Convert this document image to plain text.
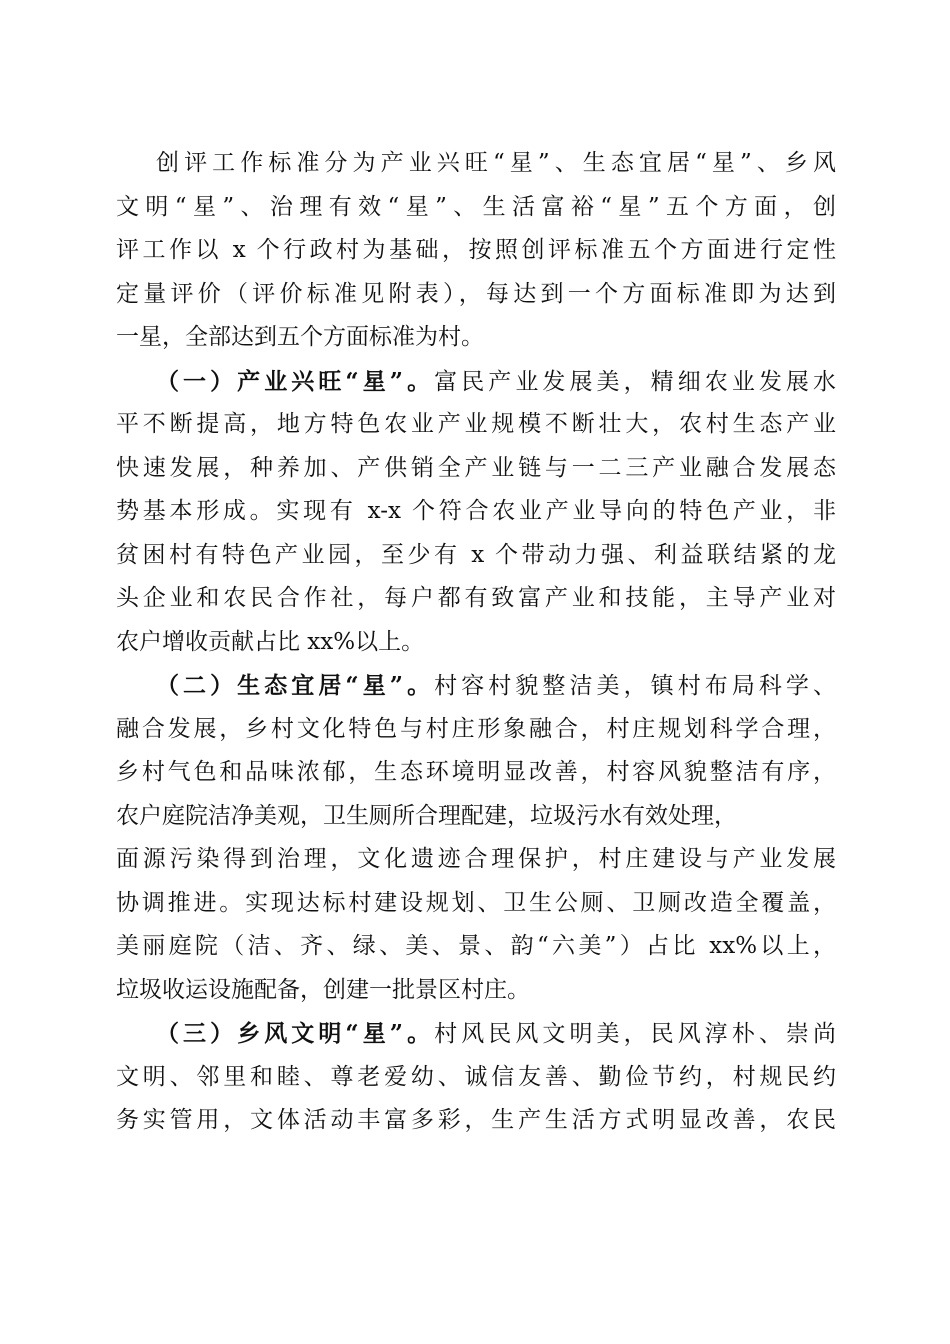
创评工作标准分为产业兴旺“星”、生态宜居“星”、乡风
文明“星”、治理有效“星”、生活富裕“星”五个方面，创
评工作以 x 个行政村为基础，按照创评标准五个方面进行定性
定量评价（评价标准见附表），每达到一个方面标准即为达到
一星，全部达到五个方面标准为村。
（一）产业兴旺“星”。富民产业发展美，精细农业发展水
平不断提高，地方特色农业产业规模不断壮大，农村生态产业
快速发展，种养加、产供销全产业链与一二三产业融合发展态
势基本形成。实现有 x-x 个符合农业产业导向的特色产业，非
贫困村有特色产业园，至少有 x 个带动力强、利益联结紧的龙
头企业和农民合作社，每户都有致富产业和技能，主导产业对
农户增收贡献占比 xx%以上。
（二）生态宜居“星”。村容村貌整洁美，镇村布局科学、
融合发展，乡村文化特色与村庄形象融合，村庄规划科学合理，
乡村气色和品味浓郁，生态环境明显改善，村容风貌整洁有序，
农户庭院洁净美观，卫生厕所合理配建，垃圾污水有效处理，
面源污染得到治理，文化遗迹合理保护，村庄建设与产业发展
协调推进。实现达标村建设规划、卫生公厕、卫厕改造全覆盖，
美丽庭院（洁、齐、绿、美、景、韵“六美”）占比 xx%以上，
垃圾收运设施配备，创建一批景区村庄。
（三）乡风文明“星”。村风民风文明美，民风淳朴、崇尚
文明、邻里和睦、尊老爱幼、诚信友善、勤俭节约，村规民约
务实管用，文体活动丰富多彩，生产生活方式明显改善，农民
